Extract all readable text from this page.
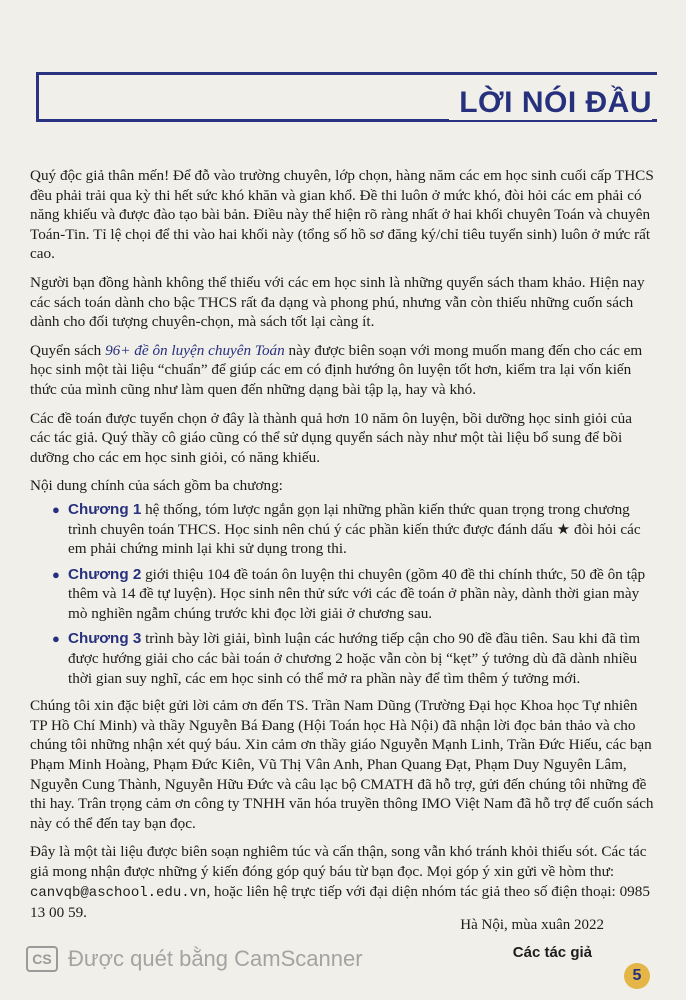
LỜI NÓI ĐẦU

Quý độc giả thân mến! Để đỗ vào trường chuyên, lớp chọn, hàng năm các em học sinh cuối cấp THCS đều phải trải qua kỳ thi hết sức khó khăn và gian khổ. Đề thi luôn ở mức khó, đòi hỏi các em phải có năng khiếu và được đào tạo bài bản. Điều này thể hiện rõ ràng nhất ở hai khối chuyên Toán và chuyên Toán-Tin. Tỉ lệ chọi để thi vào hai khối này (tổng số hồ sơ đăng ký/chỉ tiêu tuyển sinh) luôn ở mức rất cao.

Người bạn đồng hành không thể thiếu với các em học sinh là những quyển sách tham khảo. Hiện nay các sách toán dành cho bậc THCS rất đa dạng và phong phú, nhưng vẫn còn thiếu những cuốn sách dành cho đối tượng chuyên-chọn, mà sách tốt lại càng ít.

Quyển sách 96+ đề ôn luyện chuyên Toán này được biên soạn với mong muốn mang đến cho các em học sinh một tài liệu “chuẩn” để giúp các em có định hướng ôn luyện tốt hơn, kiểm tra lại vốn kiến thức của mình cũng như làm quen đến những dạng bài tập lạ, hay và khó.

Các đề toán được tuyển chọn ở đây là thành quả hơn 10 năm ôn luyện, bồi dưỡng học sinh giỏi của các tác giả. Quý thầy cô giáo cũng có thể sử dụng quyển sách này như một tài liệu bổ sung để bồi dưỡng cho các em học sinh giỏi, có năng khiếu.

Nội dung chính của sách gồm ba chương:

● Chương 1 hệ thống, tóm lược ngắn gọn lại những phần kiến thức quan trọng trong chương trình chuyên toán THCS. Học sinh nên chú ý các phần kiến thức được đánh dấu ★ đòi hỏi các em phải chứng minh lại khi sử dụng trong thi.
● Chương 2 giới thiệu 104 đề toán ôn luyện thi chuyên (gồm 40 đề thi chính thức, 50 đề ôn tập thêm và 14 đề tự luyện). Học sinh nên thử sức với các đề toán ở phần này, dành thời gian mày mò nghiền ngẫm chúng trước khi đọc lời giải ở chương sau.
● Chương 3 trình bày lời giải, bình luận các hướng tiếp cận cho 90 đề đầu tiên. Sau khi đã tìm được hướng giải cho các bài toán ở chương 2 hoặc vẫn còn bị “kẹt” ý tưởng dù đã dành nhiều thời gian suy nghĩ, các em học sinh có thể mở ra phần này để tìm thêm ý tưởng mới.

Chúng tôi xin đặc biệt gửi lời cảm ơn đến TS. Trần Nam Dũng (Trường Đại học Khoa học Tự nhiên TP Hồ Chí Minh) và thầy Nguyễn Bá Đang (Hội Toán học Hà Nội) đã nhận lời đọc bản thảo và cho chúng tôi những nhận xét quý báu. Xin cảm ơn thầy giáo Nguyễn Mạnh Linh, Trần Đức Hiếu, các bạn Phạm Minh Hoàng, Phạm Đức Kiên, Vũ Thị Vân Anh, Phan Quang Đạt, Phạm Duy Nguyên Lâm, Nguyễn Cung Thành, Nguyễn Hữu Đức và câu lạc bộ CMATH đã hỗ trợ, gửi đến chúng tôi những đề thi hay. Trân trọng cảm ơn công ty TNHH văn hóa truyền thông IMO Việt Nam đã hỗ trợ để cuốn sách này có thể đến tay bạn đọc.

Đây là một tài liệu được biên soạn nghiêm túc và cẩn thận, song vẫn khó tránh khỏi thiếu sót. Các tác giả mong nhận được những ý kiến đóng góp quý báu từ bạn đọc. Mọi góp ý xin gửi về hòm thư: canvqb@aschool.edu.vn, hoặc liên hệ trực tiếp với đại diện nhóm tác giả theo số điện thoại: 0985 13 00 59.

Hà Nội, mùa xuân 2022
Các tác giả
CS Được quét bằng CamScanner
5
